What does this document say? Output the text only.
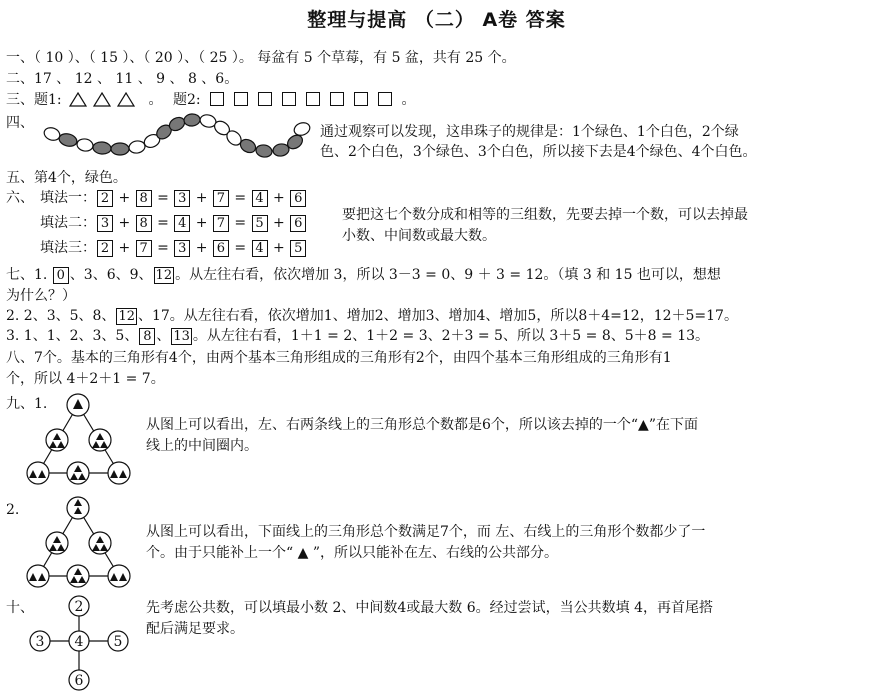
整理与提高 （二） A卷 答案
一、（ 10 ）、（ 15 ）、（ 20 ）、（ 25 ）。 每盆有 5 个草莓，有 5 盆，共有 25 个。
二、17 、 12 、 11 、 9 、 8 、6。
三、题1:	。 题2:	。
四、
通过观察可以发现，这串珠子的规律是：1个绿色、1个白色，2个绿
色、2个白色，3个绿色、3个白色，所以接下去是4个绿色、4个白色。
五、第4个，绿色。
六、 填法一： 2 + 8 = 3 + 7 = 4 + 6
填法二： 3 + 8 = 4 + 7 = 5 + 6
填法三： 2 + 7 = 3 + 6 = 4 + 5
要把这七个数分成和相等的三组数，先要去掉一个数，可以去掉最
小数、中间数或最大数。
七、1. 0 、3、6、9、 12 。从左往右看，依次增加 3，所以 3－3 = 0、9 ＋ 3 = 12。（填 3 和 15 也可以，想想
为什么？）
2. 2、3、5、8、 12 、17。从左往右看，依次增加1、增加2、增加3、增加4、增加5，所以8＋4=12，12＋5=17。
3. 1、1、2、3、5、 8 、 13 。从左往右看，1＋1 = 2、1＋2 = 3、2＋3 = 5、所以 3＋5 = 8、5＋8 = 13。
八、7个。基本的三角形有4个，由两个基本三角形组成的三角形有2个，由四个基本三角形组成的三角形有1
个，所以 4＋2＋1 = 7。
九、1.
从图上可以看出，左、右两条线上的三角形总个数都是6个，所以该去掉的一个“▲”在下面
线上的中间圈内。
2.
从图上可以看出，下面线上的三角形总个数满足7个，而 左、右线上的三角形个数都少了一
个。由于只能补上一个“ ▲ ”，所以只能补在左、右线的公共部分。
十、	2
3 4 5
6
先考虑公共数，可以填最小数 2、中间数4或最大数 6。经过尝试，当公共数填 4，再首尾搭
配后满足要求。
